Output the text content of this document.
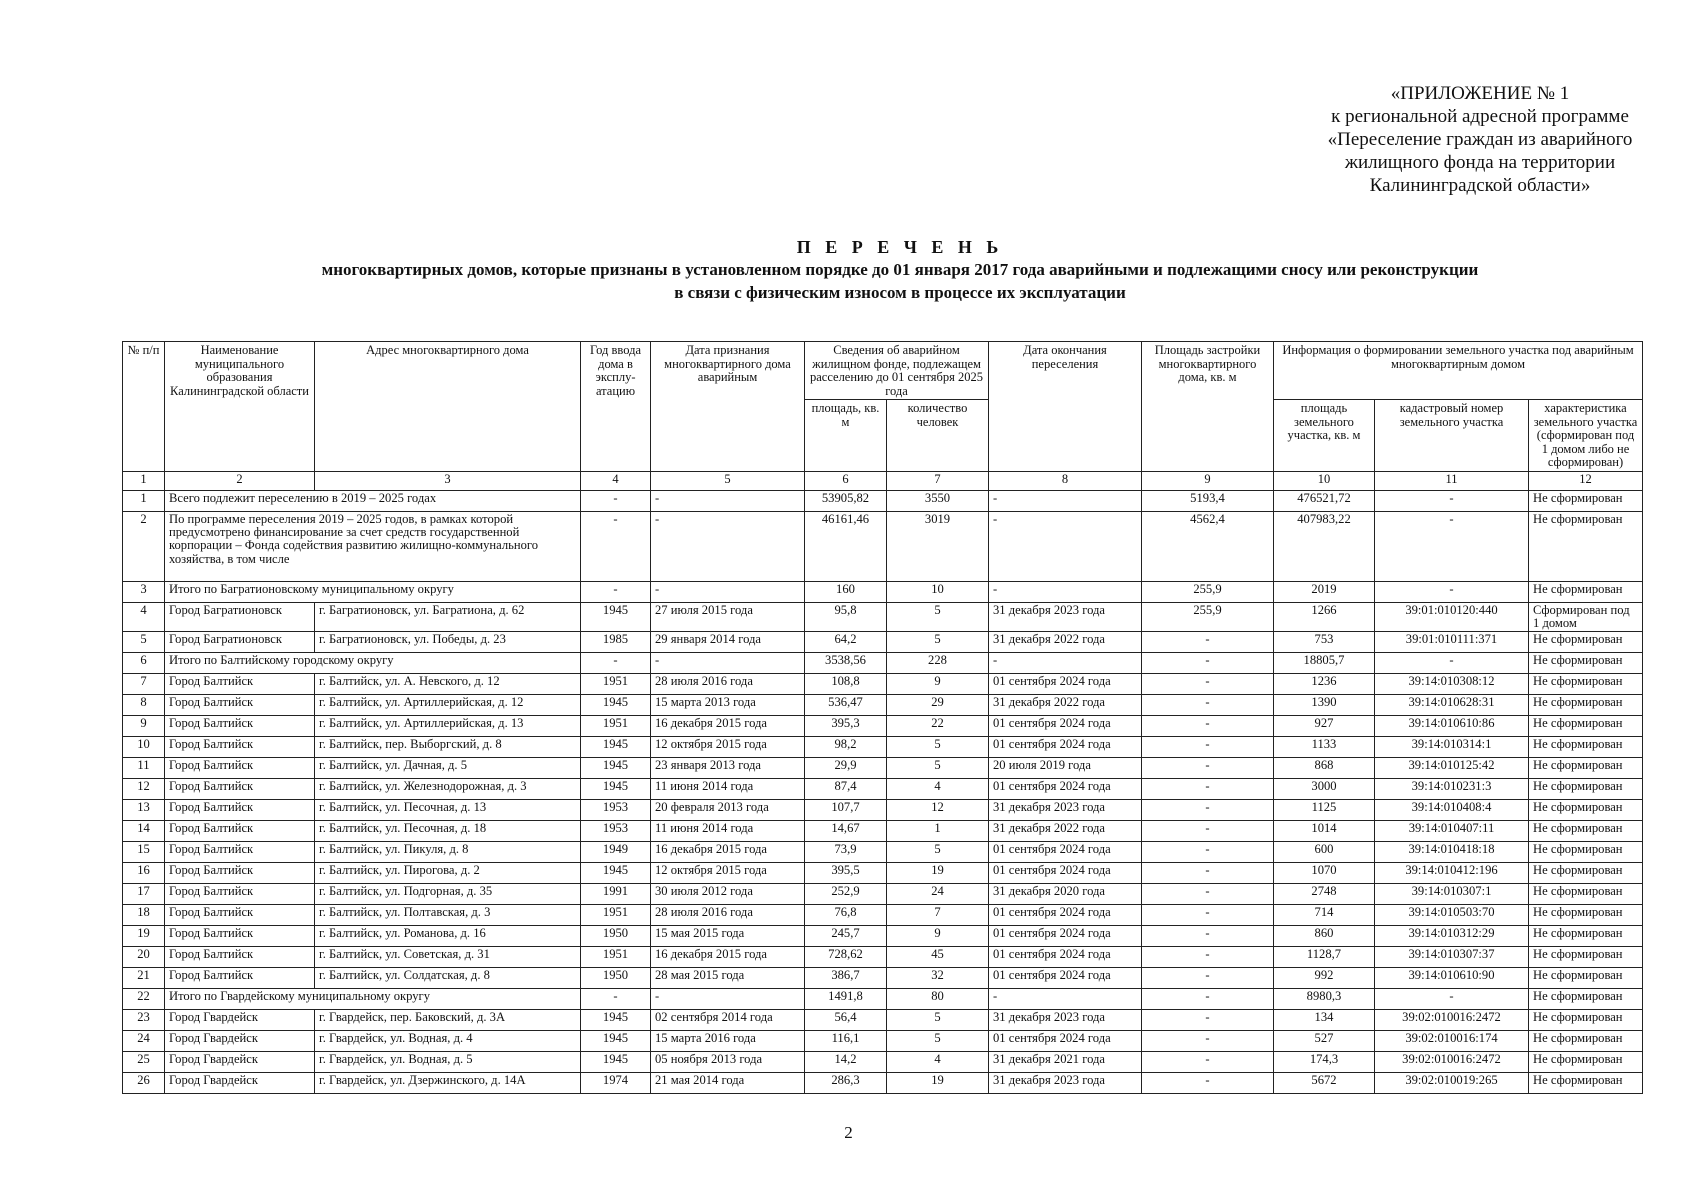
«ПРИЛОЖЕНИЕ № 1
к региональной адресной программе
«Переселение граждан из аварийного
жилищного фонда на территории
Калининградской области»
П Е Р Е Ч Е Н Ь
многоквартирных домов, которые признаны в установленном порядке до 01 января 2017 года аварийными и подлежащими сносу или реконструкции
в связи с физическим износом в процессе их эксплуатации
№ п/п	Наименование муниципального образования Калининградской области	Адрес многоквартирного дома	Год ввода дома в эксплу- атацию	Дата признания многоквартирного дома аварийным	Сведения об аварийном жилищном фонде, подлежащем расселению до 01 сентября 2025 года		Дата окончания переселения	Площадь застройки многоквартирного дома, кв. м	Информация о формировании земельного участка под аварийным многоквартирным домом		
					площадь, кв. м	количество человек			площадь земельного участка, кв. м	кадастровый номер земельного участка	характеристика земельного участка (сформирован под 1 домом либо не сформирован)
1	2	3	4	5	6	7	8	9	10	11	12
1	Всего подлежит переселению в 2019 – 2025 годах		-	-	53905,82	3550	-	5193,4	476521,72	-	Не сформирован
2	По программе переселения 2019 – 2025 годов, в рамках которой предусмотрено финансирование за счет средств государственной корпорации – Фонда содействия развитию жилищно-коммунального хозяйства, в том числе		-	-	46161,46	3019	-	4562,4	407983,22	-	Не сформирован
3	Итого по Багратионовскому муниципальному округу		-	-	160	10	-	255,9	2019	-	Не сформирован
4	Город Багратионовск	г. Багратионовск, ул. Багратиона, д. 62	1945	27 июля 2015 года	95,8	5	31 декабря 2023 года	255,9	1266	39:01:010120:440	Сформирован под 1 домом
5	Город Багратионовск	г. Багратионовск, ул. Победы, д. 23	1985	29 января 2014 года	64,2	5	31 декабря 2022 года	-	753	39:01:010111:371	Не сформирован
6	Итого по Балтийскому городскому округу		-	-	3538,56	228	-	-	18805,7	-	Не сформирован
7	Город Балтийск	г. Балтийск, ул. А. Невского, д. 12	1951	28 июля 2016 года	108,8	9	01 сентября 2024 года	-	1236	39:14:010308:12	Не сформирован
8	Город Балтийск	г. Балтийск, ул. Артиллерийская, д. 12	1945	15 марта 2013 года	536,47	29	31 декабря 2022 года	-	1390	39:14:010628:31	Не сформирован
9	Город Балтийск	г. Балтийск, ул. Артиллерийская, д. 13	1951	16 декабря 2015 года	395,3	22	01 сентября 2024 года	-	927	39:14:010610:86	Не сформирован
10	Город Балтийск	г. Балтийск, пер. Выборгский, д. 8	1945	12 октября 2015 года	98,2	5	01 сентября 2024 года	-	1133	39:14:010314:1	Не сформирован
11	Город Балтийск	г. Балтийск, ул. Дачная, д. 5	1945	23 января 2013 года	29,9	5	20 июля 2019 года	-	868	39:14:010125:42	Не сформирован
12	Город Балтийск	г. Балтийск, ул. Железнодорожная, д. 3	1945	11 июня 2014 года	87,4	4	01 сентября 2024 года	-	3000	39:14:010231:3	Не сформирован
13	Город Балтийск	г. Балтийск, ул. Песочная, д. 13	1953	20 февраля 2013 года	107,7	12	31 декабря 2023 года	-	1125	39:14:010408:4	Не сформирован
14	Город Балтийск	г. Балтийск, ул. Песочная, д. 18	1953	11 июня 2014 года	14,67	1	31 декабря 2022 года	-	1014	39:14:010407:11	Не сформирован
15	Город Балтийск	г. Балтийск, ул. Пикуля, д. 8	1949	16 декабря 2015 года	73,9	5	01 сентября 2024 года	-	600	39:14:010418:18	Не сформирован
16	Город Балтийск	г. Балтийск, ул. Пирогова, д. 2	1945	12 октября 2015 года	395,5	19	01 сентября 2024 года	-	1070	39:14:010412:196	Не сформирован
17	Город Балтийск	г. Балтийск, ул. Подгорная, д. 35	1991	30 июля 2012 года	252,9	24	31 декабря 2020 года	-	2748	39:14:010307:1	Не сформирован
18	Город Балтийск	г. Балтийск, ул. Полтавская, д. 3	1951	28 июля 2016 года	76,8	7	01 сентября 2024 года	-	714	39:14:010503:70	Не сформирован
19	Город Балтийск	г. Балтийск, ул. Романова, д. 16	1950	15 мая 2015 года	245,7	9	01 сентября 2024 года	-	860	39:14:010312:29	Не сформирован
20	Город Балтийск	г. Балтийск, ул. Советская, д. 31	1951	16 декабря 2015 года	728,62	45	01 сентября 2024 года	-	1128,7	39:14:010307:37	Не сформирован
21	Город Балтийск	г. Балтийск, ул. Солдатская, д. 8	1950	28 мая 2015 года	386,7	32	01 сентября 2024 года	-	992	39:14:010610:90	Не сформирован
22	Итого по Гвардейскому муниципальному округу		-	-	1491,8	80	-	-	8980,3	-	Не сформирован
23	Город Гвардейск	г. Гвардейск, пер. Баковский, д. 3А	1945	02 сентября 2014 года	56,4	5	31 декабря 2023 года	-	134	39:02:010016:2472	Не сформирован
24	Город Гвардейск	г. Гвардейск, ул. Водная, д. 4	1945	15 марта 2016 года	116,1	5	01 сентября 2024 года	-	527	39:02:010016:174	Не сформирован
25	Город Гвардейск	г. Гвардейск, ул. Водная, д. 5	1945	05 ноября 2013 года	14,2	4	31 декабря 2021 года	-	174,3	39:02:010016:2472	Не сформирован
26	Город Гвардейск	г. Гвардейск, ул. Дзержинского, д. 14А	1974	21 мая 2014 года	286,3	19	31 декабря 2023 года	-	5672	39:02:010019:265	Не сформирован
2
